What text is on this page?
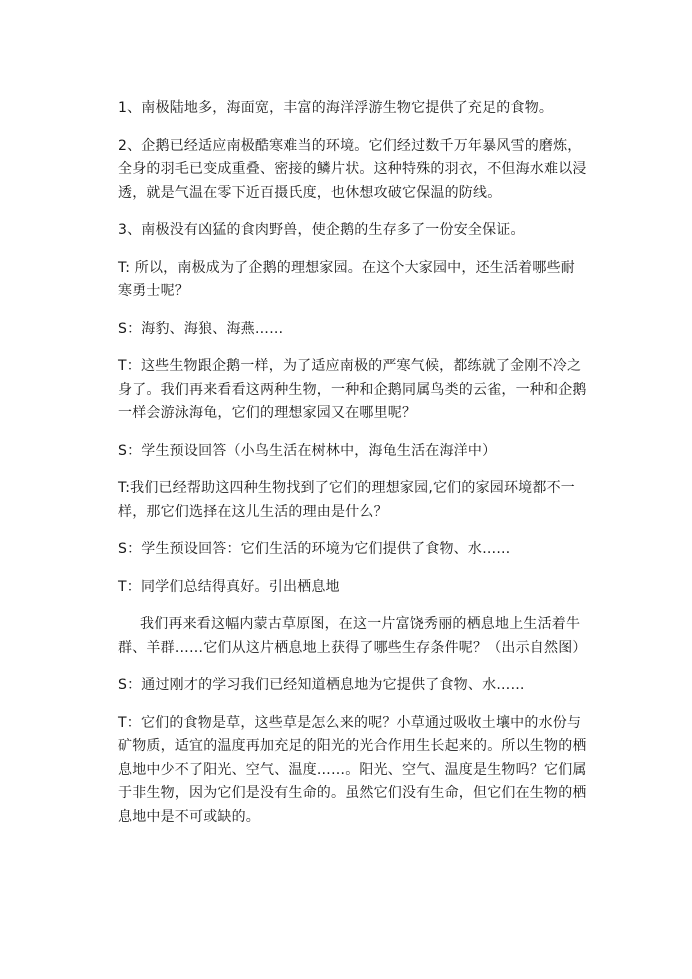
1、南极陆地多，海面宽，丰富的海洋浮游生物它提供了充足的食物。

2、企鹅已经适应南极酷寒难当的环境。它们经过数千万年暴风雪的磨炼，全身的羽毛已变成重叠、密接的鳞片状。这种特殊的羽衣，不但海水难以浸透，就是气温在零下近百摄氏度，也休想攻破它保温的防线。

3、南极没有凶猛的食肉野兽，使企鹅的生存多了一份安全保证。

T: 所以，南极成为了企鹅的理想家园。在这个大家园中，还生活着哪些耐寒勇士呢？

S：海豹、海狼、海燕……

T：这些生物跟企鹅一样，为了适应南极的严寒气候，都练就了金刚不冷之身了。我们再来看看这两种生物，一种和企鹅同属鸟类的云雀，一种和企鹅一样会游泳海龟，它们的理想家园又在哪里呢？

S：学生预设回答（小鸟生活在树林中，海龟生活在海洋中）

T:我们已经帮助这四种生物找到了它们的理想家园,它们的家园环境都不一样，那它们选择在这儿生活的理由是什么？

S：学生预设回答：它们生活的环境为它们提供了食物、水……

T：同学们总结得真好。引出栖息地

我们再来看这幅内蒙古草原图，在这一片富饶秀丽的栖息地上生活着牛群、羊群……它们从这片栖息地上获得了哪些生存条件呢？（出示自然图）

S：通过刚才的学习我们已经知道栖息地为它提供了食物、水……

T：它们的食物是草，这些草是怎么来的呢？小草通过吸收土壤中的水份与矿物质，适宜的温度再加充足的阳光的光合作用生长起来的。所以生物的栖息地中少不了阳光、空气、温度……。阳光、空气、温度是生物吗？它们属于非生物，因为它们是没有生命的。虽然它们没有生命，但它们在生物的栖息地中是不可或缺的。
